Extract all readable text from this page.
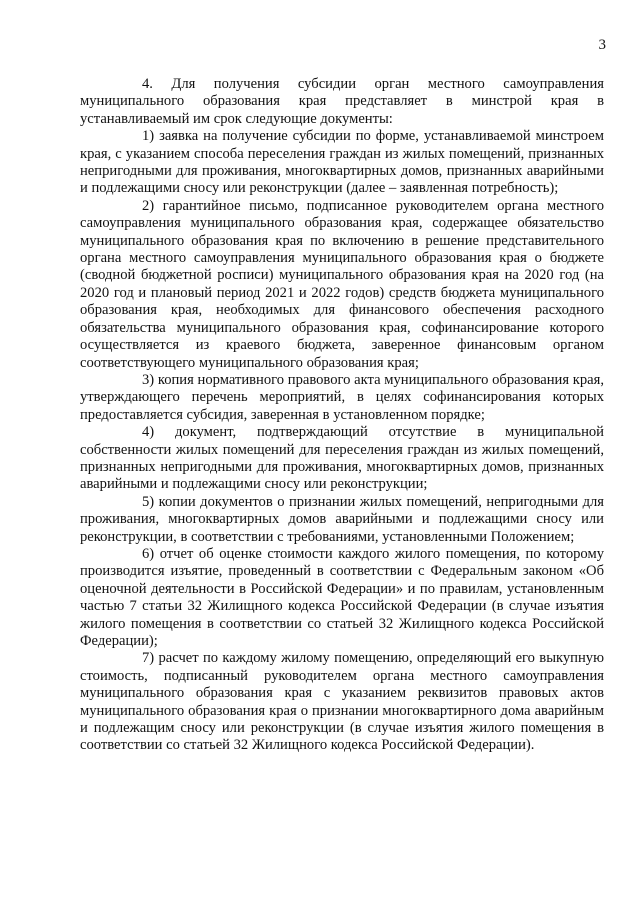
3

4. Для получения субсидии орган местного самоуправления муниципального образования края представляет в минстрой края в устанавливаемый им срок следующие документы:

1) заявка на получение субсидии по форме, устанавливаемой минстроем края, с указанием способа переселения граждан из жилых помещений, признанных непригодными для проживания, многоквартирных домов, признанных аварийными и подлежащими сносу или реконструкции (далее – заявленная потребность);

2) гарантийное письмо, подписанное руководителем органа местного самоуправления муниципального образования края, содержащее обязательство муниципального образования края по включению в решение представительного органа местного самоуправления муниципального образования края о бюджете (сводной бюджетной росписи) муниципального образования края на 2020 год (на 2020 год и плановый период 2021 и 2022 годов) средств бюджета муниципального образования края, необходимых для финансового обеспечения расходного обязательства муниципального образования края, софинансирование которого осуществляется из краевого бюджета, заверенное финансовым органом соответствующего муниципального образования края;

3) копия нормативного правового акта муниципального образования края, утверждающего перечень мероприятий, в целях софинансирования которых предоставляется субсидия, заверенная в установленном порядке;

4) документ, подтверждающий отсутствие в муниципальной собственности жилых помещений для переселения граждан из жилых помещений, признанных непригодными для проживания, многоквартирных домов, признанных аварийными и подлежащими сносу или реконструкции;

5) копии документов о признании жилых помещений, непригодными для проживания, многоквартирных домов аварийными и подлежащими сносу или реконструкции, в соответствии с требованиями, установленными Положением;

6) отчет об оценке стоимости каждого жилого помещения, по которому производится изъятие, проведенный в соответствии с Федеральным законом «Об оценочной деятельности в Российской Федерации» и по правилам, установленным частью 7 статьи 32 Жилищного кодекса Российской Федерации (в случае изъятия жилого помещения в соответствии со статьей 32 Жилищного кодекса Российской Федерации);

7) расчет по каждому жилому помещению, определяющий его выкупную стоимость, подписанный руководителем органа местного самоуправления муниципального образования края с указанием реквизитов правовых актов муниципального образования края о признании многоквартирного дома аварийным и подлежащим сносу или реконструкции (в случае изъятия жилого помещения в соответствии со статьей 32 Жилищного кодекса Российской Федерации).
